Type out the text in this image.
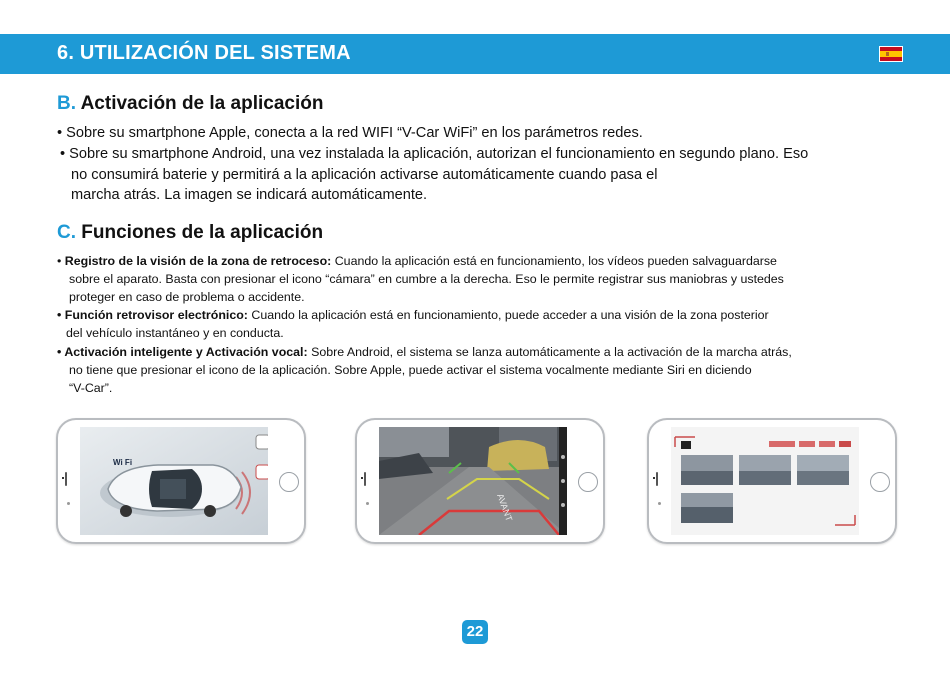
6. UTILIZACIÓN DEL SISTEMA
B. Activación de la aplicación
• Sobre su smartphone Apple, conecta a la red WIFI “V-Car WiFi” en los parámetros redes.
• Sobre su smartphone Android, una vez instalada la aplicación, autorizan el funcionamiento en segundo plano. Eso
no consumirá baterie y permitirá a la aplicación activarse automáticamente cuando pasa el
marcha atrás. La imagen se indicará automáticamente.
C. Funciones de la aplicación
• Registro de la visión de la zona de retroceso: Cuando la aplicación está en funcionamiento, los vídeos pueden salvaguardarse
sobre el aparato. Basta con presionar el icono “cámara” en cumbre a la derecha. Eso le permite registrar sus maniobras y ustedes
proteger en caso de problema o accidente.
• Función retrovisor electrónico: Cuando la aplicación está en funcionamiento, puede acceder a una visión de la zona posterior
del vehículo instantáneo y en conducta.
• Activación inteligente y Activación vocal: Sobre Android, el sistema se lanza automáticamente a la activación de la marcha atrás,
no tiene que presionar el icono de la aplicación. Sobre Apple, puede activar el sistema vocalmente mediante Siri en diciendo
“V-Car”.
Wi Fi
AVANT
22
